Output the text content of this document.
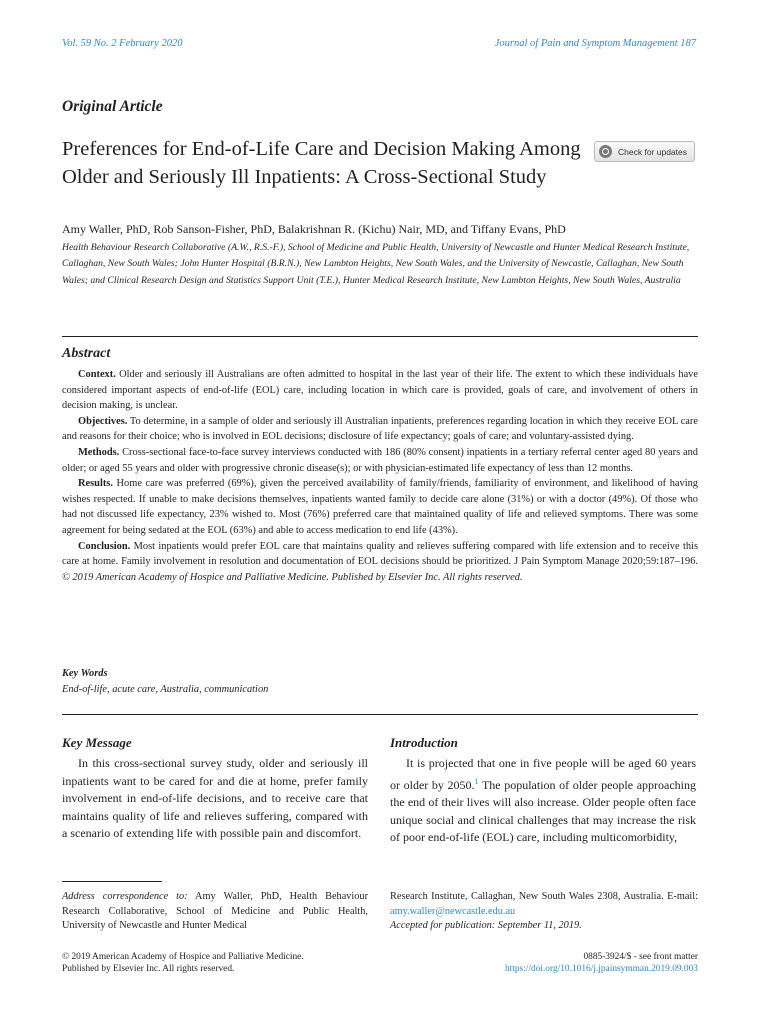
Vol. 59 No. 2 February 2020	Journal of Pain and Symptom Management 187
Original Article
Preferences for End-of-Life Care and Decision Making Among Older and Seriously Ill Inpatients: A Cross-Sectional Study
Check for updates
Amy Waller, PhD, Rob Sanson-Fisher, PhD, Balakrishnan R. (Kichu) Nair, MD, and Tiffany Evans, PhD
Health Behaviour Research Collaborative (A.W., R.S.-F.), School of Medicine and Public Health, University of Newcastle and Hunter Medical Research Institute, Callaghan, New South Wales; John Hunter Hospital (B.R.N.), New Lambton Heights, New South Wales, and the University of Newcastle, Callaghan, New South Wales; and Clinical Research Design and Statistics Support Unit (T.E.), Hunter Medical Research Institute, New Lambton Heights, New South Wales, Australia
Abstract

Context. Older and seriously ill Australians are often admitted to hospital in the last year of their life. The extent to which these individuals have considered important aspects of end-of-life (EOL) care, including location in which care is provided, goals of care, and involvement of others in decision making, is unclear.

Objectives. To determine, in a sample of older and seriously ill Australian inpatients, preferences regarding location in which they receive EOL care and reasons for their choice; who is involved in EOL decisions; disclosure of life expectancy; goals of care; and voluntary-assisted dying.

Methods. Cross-sectional face-to-face survey interviews conducted with 186 (80% consent) inpatients in a tertiary referral center aged 80 years and older; or aged 55 years and older with progressive chronic disease(s); or with physician-estimated life expectancy of less than 12 months.

Results. Home care was preferred (69%), given the perceived availability of family/friends, familiarity of environment, and likelihood of having wishes respected. If unable to make decisions themselves, inpatients wanted family to decide care alone (31%) or with a doctor (49%). Of those who had not discussed life expectancy, 23% wished to. Most (76%) preferred care that maintained quality of life and relieved symptoms. There was some agreement for being sedated at the EOL (63%) and able to access medication to end life (43%).

Conclusion. Most inpatients would prefer EOL care that maintains quality and relieves suffering compared with life extension and to receive this care at home. Family involvement in resolution and documentation of EOL decisions should be prioritized. J Pain Symptom Manage 2020;59:187–196. © 2019 American Academy of Hospice and Palliative Medicine. Published by Elsevier Inc. All rights reserved.

Key Words
End-of-life, acute care, Australia, communication
Key Message

In this cross-sectional survey study, older and seriously ill inpatients want to be cared for and die at home, prefer family involvement in end-of-life decisions, and to receive care that maintains quality of life and relieves suffering, compared with a scenario of extending life with possible pain and discomfort.

Introduction

It is projected that one in five people will be aged 60 years or older by 2050.$^1$ The population of older people approaching the end of their lives will also increase. Older people often face unique social and clinical challenges that may increase the risk of poor end-of-life (EOL) care, including multicomorbidity,

Address correspondence to: Amy Waller, PhD, Health Behaviour Research Collaborative, School of Medicine and Public Health, University of Newcastle and Hunter Medical
Research Institute, Callaghan, New South Wales 2308, Australia. E-mail: amy.waller@newcastle.edu.au
Accepted for publication: September 11, 2019.
© 2019 American Academy of Hospice and Palliative Medicine.
Published by Elsevier Inc. All rights reserved.
0885-3924/$ - see front matter
https://doi.org/10.1016/j.jpainsymman.2019.09.003
